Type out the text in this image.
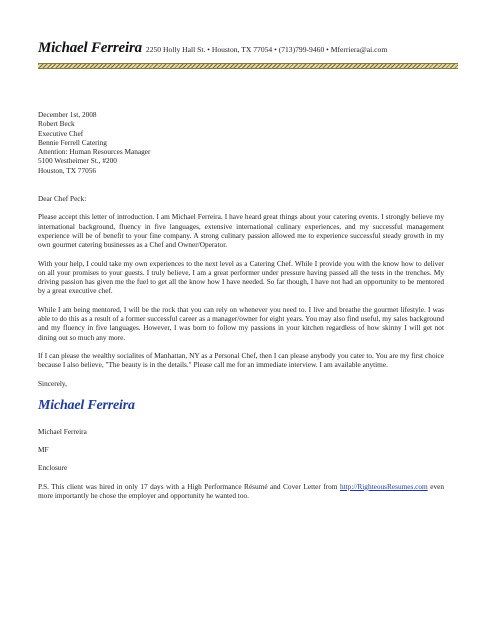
Michael Ferreira 2250 Holly Hall St. • Houston, TX 77054 • (713)799-9460 • Mferriera@ai.com

December 1st, 2008

Robert Beck

Executive Chef

Bennie Ferrell Catering

Attention: Human Resources Manager

5100 Westheimer St., #200

Houston, TX 77056

Dear Chef Peck:

Please accept this letter of introduction. I am Michael Ferreira. I have heard great things about your catering events. I strongly believe my international background, fluency in five languages, extensive international culinary experiences, and my successful management experience will be of benefit to your fine company. A strong culinary passion allowed me to experience successful steady growth in my own gourmet catering businesses as a Chef and Owner/Operator.

With your help, I could take my own experiences to the next level as a Catering Chef. While I provide you with the know how to deliver on all your promises to your guests. I truly believe, I am a great performer under pressure having passed all the tests in the trenches. My driving passion has given me the fuel to get all the know how I have needed. So far though, I have not had an opportunity to be mentored by a great executive chef.

While I am being mentored, I will be the rock that you can rely on whenever you need to. I live and breathe the gourmet lifestyle. I was able to do this as a result of a former successful career as a manager/owner for eight years. You may also find useful, my sales background and my fluency in five languages. However, I was born to follow my passions in your kitchen regardless of how skinny I will get not dining out so much any more.

If I can please the wealthy socialites of Manhattan, NY as a Personal Chef, then I can please anybody you cater to. You are my first choice because I also believe, "The beauty is in the details." Please call me for an immediate interview. I am available anytime.

Sincerely,

Michael Ferreira

Michael Ferreira

MF

Enclosure

P.S. This client was hired in only 17 days with a High Performance Résumé and Cover Letter from http://RighteousResumes.com even more importantly he chose the employer and opportunity he wanted too.
